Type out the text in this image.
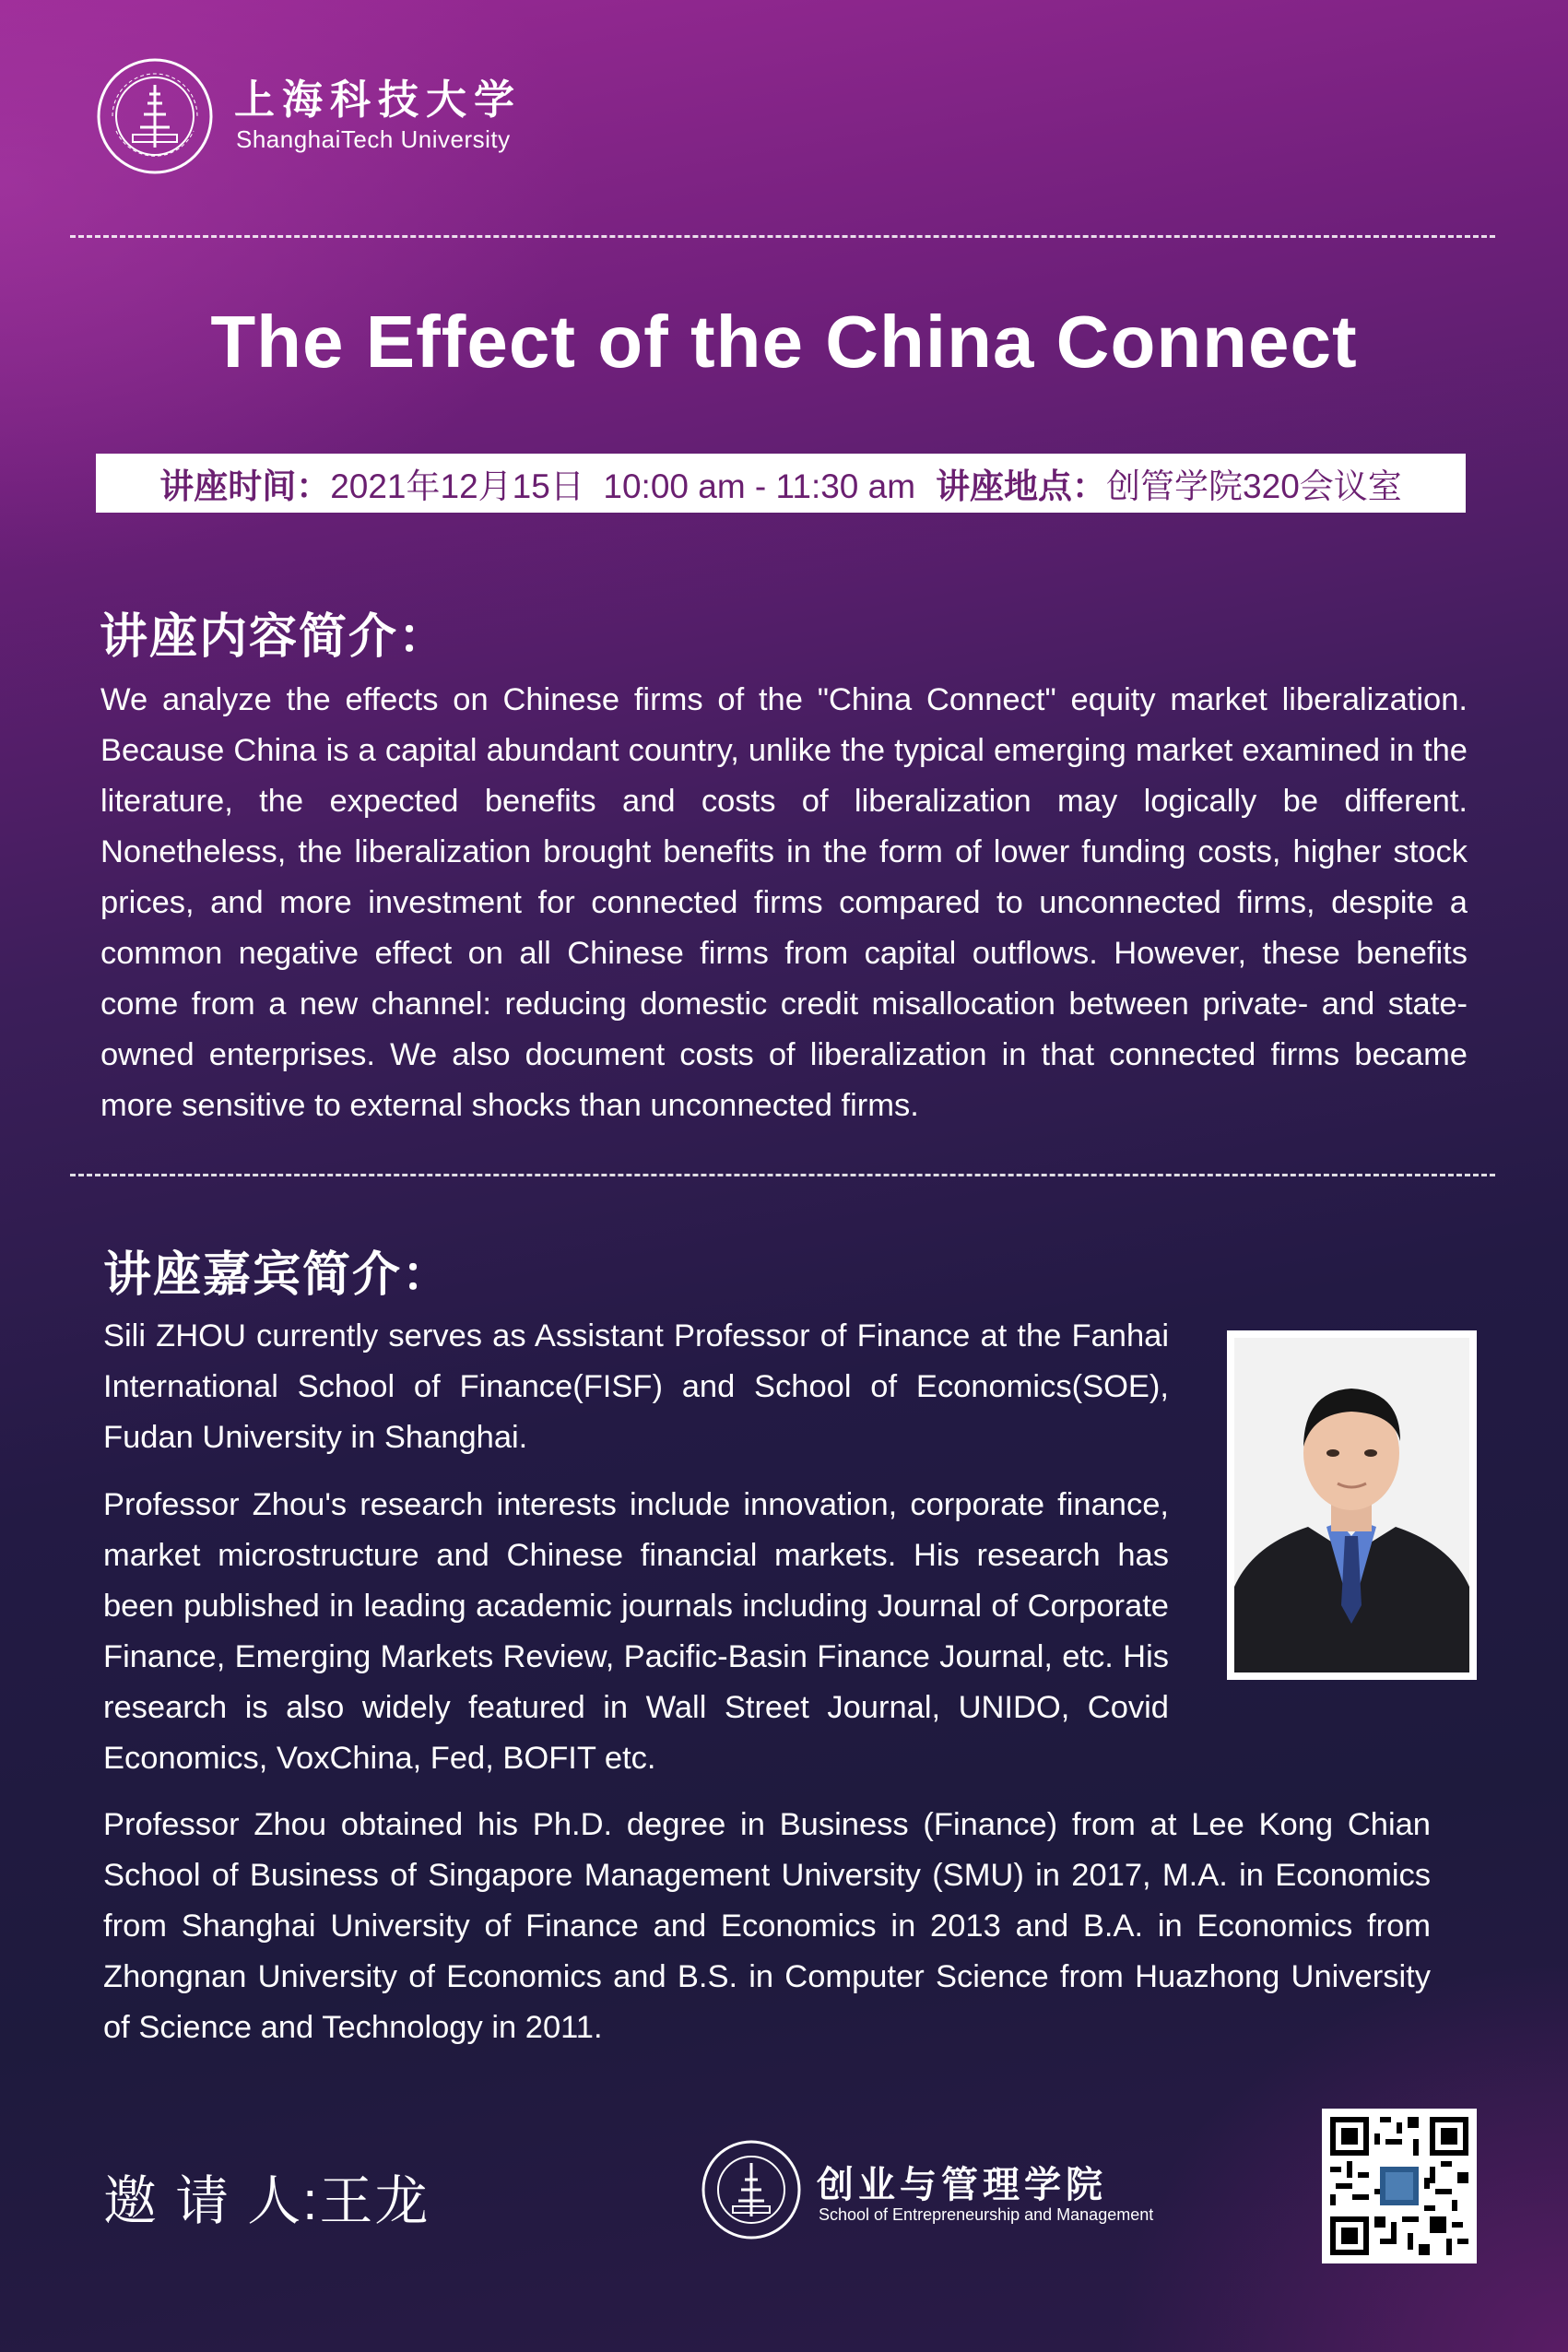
上海科技大学
ShanghaiTech University
The Effect of the China Connect
讲座时间：2021年12月15日  10:00 am - 11:30 am 讲座地点：创管学院320会议室
讲座内容简介：

We analyze the effects on Chinese firms of the "China Connect" equity market liberalization. Because China is a capital abundant country, unlike the typical emerging market examined in the literature, the expected benefits and costs of liberalization may logically be different. Nonetheless, the liberalization brought benefits in the form of lower funding costs, higher stock prices, and more investment for connected firms compared to unconnected firms, despite a common negative effect on all Chinese firms from capital outflows. However, these benefits come from a new channel: reducing domestic credit misallocation between private- and state-owned enterprises. We also document costs of liberalization in that connected firms became more sensitive to external shocks than unconnected firms.

讲座嘉宾简介：

Sili ZHOU currently serves as Assistant Professor of Finance at the Fanhai International School of Finance(FISF) and School of Economics(SOE), Fudan University in Shanghai.

Professor Zhou's research interests include innovation, corporate finance, market microstructure and Chinese financial markets. His research has been published in leading academic journals including Journal of Corporate Finance, Emerging Markets Review, Pacific-Basin Finance Journal, etc. His research is also widely featured in Wall Street Journal, UNIDO, Covid Economics, VoxChina, Fed, BOFIT etc.

Professor Zhou obtained his Ph.D. degree in Business (Finance) from at Lee Kong Chian School of Business of Singapore Management University (SMU) in 2017, M.A. in Economics from Shanghai University of Finance and Economics in 2013 and B.A. in Economics from Zhongnan University of Economics and B.S. in Computer Science from Huazhong University of Science and Technology in 2011.

邀 请 人:王龙	创业与管理学院
School of Entrepreneurship and Management
